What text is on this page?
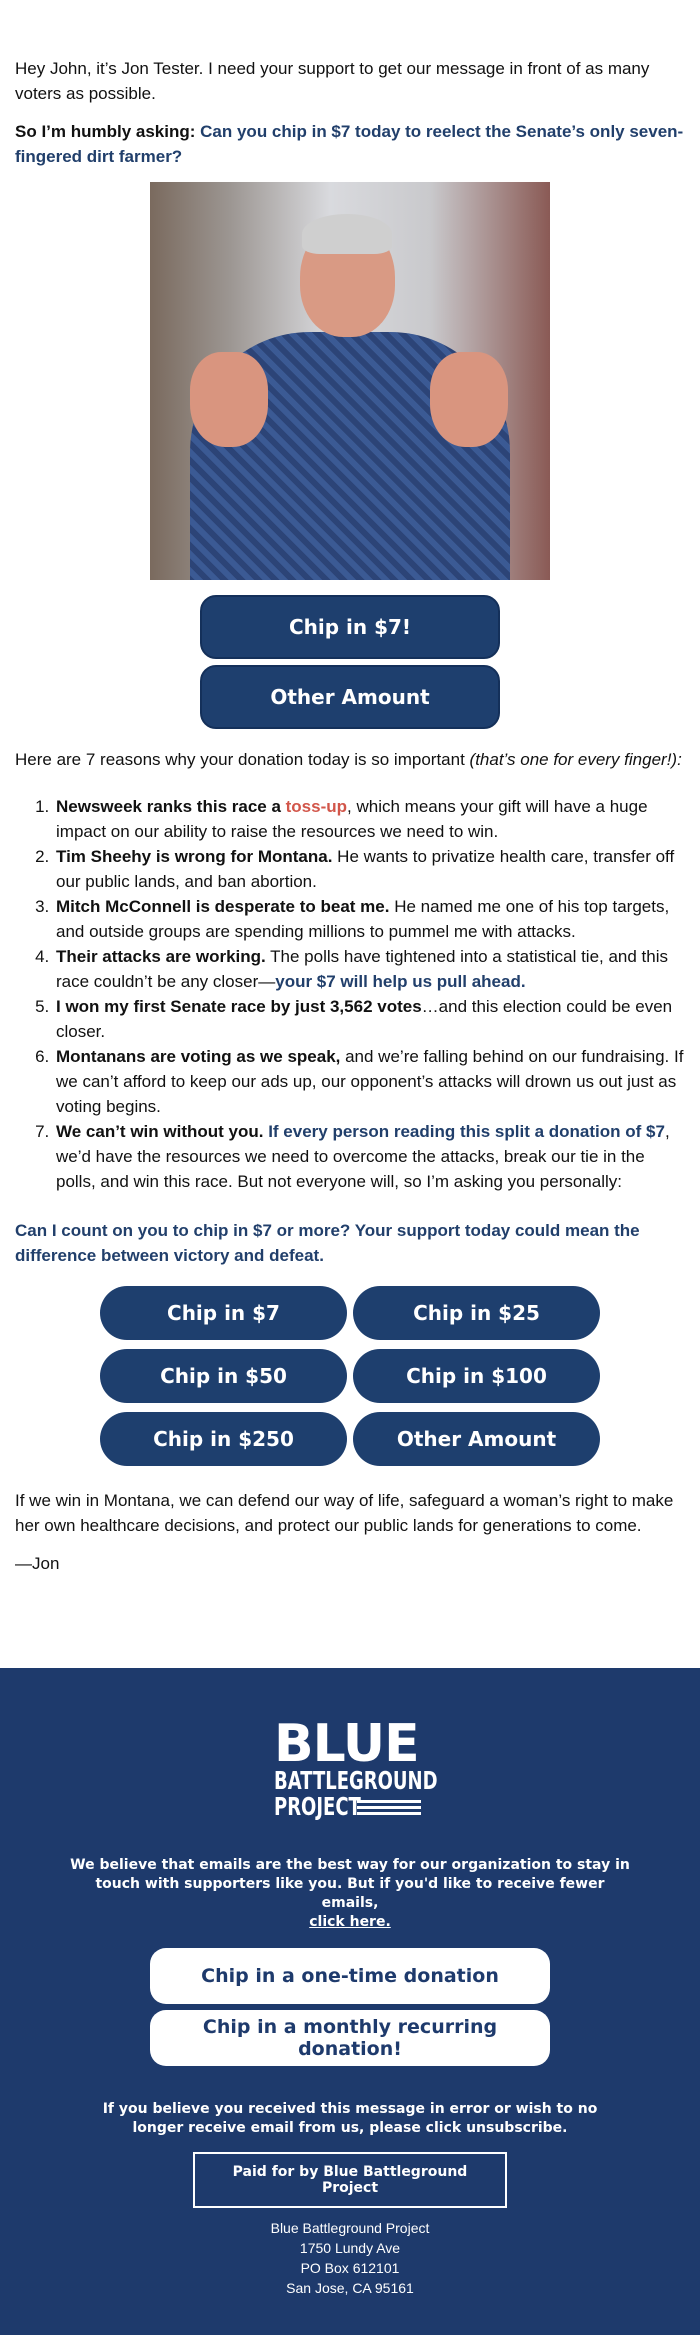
Hey John, it’s Jon Tester. I need your support to get our message in front of as many voters as possible.

So I’m humbly asking: Can you chip in $7 today to reelect the Senate’s only seven-fingered dirt farmer?

Chip in $7!
Other Amount

Here are 7 reasons why your donation today is so important (that’s one for every finger!):

1. Newsweek ranks this race a toss-up, which means your gift will have a huge impact on our ability to raise the resources we need to win.
2. Tim Sheehy is wrong for Montana. He wants to privatize health care, transfer off our public lands, and ban abortion.
3. Mitch McConnell is desperate to beat me. He named me one of his top targets, and outside groups are spending millions to pummel me with attacks.
4. Their attacks are working. The polls have tightened into a statistical tie, and this race couldn’t be any closer—your $7 will help us pull ahead.
5. I won my first Senate race by just 3,562 votes…and this election could be even closer.
6. Montanans are voting as we speak, and we’re falling behind on our fundraising. If we can’t afford to keep our ads up, our opponent’s attacks will drown us out just as voting begins.
7. We can’t win without you. If every person reading this split a donation of $7, we’d have the resources we need to overcome the attacks, break our tie in the polls, and win this race. But not everyone will, so I’m asking you personally:

Can I count on you to chip in $7 or more? Your support today could mean the difference between victory and defeat.

Chip in $7	Chip in $25
Chip in $50	Chip in $100
Chip in $250	Other Amount

If we win in Montana, we can defend our way of life, safeguard a woman’s right to make her own healthcare decisions, and protect our public lands for generations to come.

—Jon

BLUE
BATTLEGROUND
PROJECT
We believe that emails are the best way for our organization to stay in touch with supporters like you. But if you'd like to receive fewer emails,
click here.
Chip in a one-time donation
Chip in a monthly recurring donation!
If you believe you received this message in error or wish to no longer receive email from us, please click unsubscribe.
Paid for by Blue Battleground Project
Blue Battleground Project
1750 Lundy Ave
PO Box 612101
San Jose, CA 95161
